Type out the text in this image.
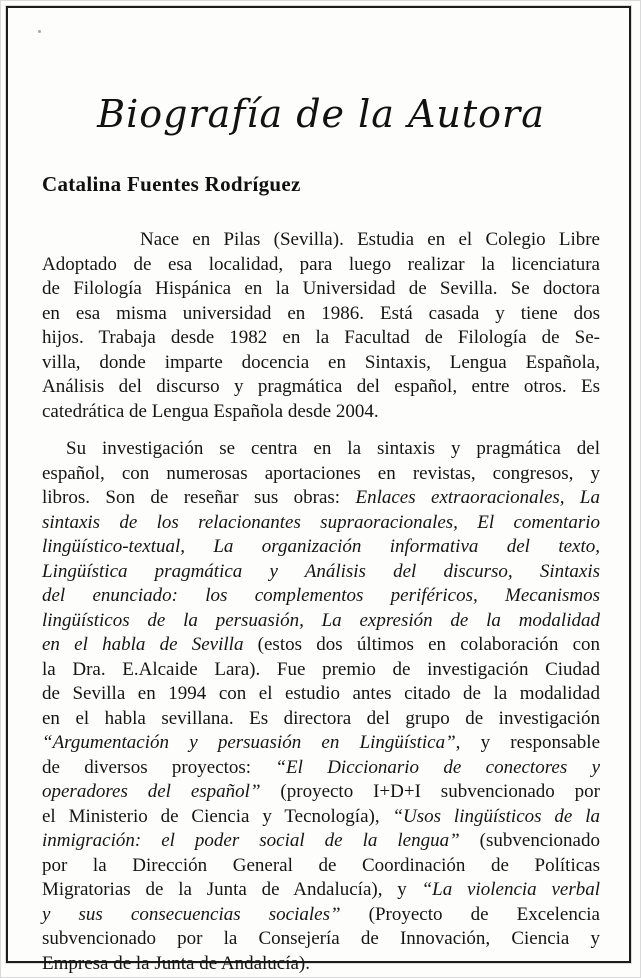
Biografía de la Autora
Catalina Fuentes Rodríguez
Nace en Pilas (Sevilla). Estudia en el Colegio Libre
Adoptado de esa localidad, para luego realizar la licenciatura
de Filología Hispánica en la Universidad de Sevilla. Se doctora
en esa misma universidad en 1986. Está casada y tiene dos
hijos. Trabaja desde 1982 en la Facultad de Filología de Se-
villa, donde imparte docencia en Sintaxis, Lengua Española,
Análisis del discurso y pragmática del español, entre otros. Es
catedrática de Lengua Española desde 2004.
Su investigación se centra en la sintaxis y pragmática del
español, con numerosas aportaciones en revistas, congresos, y
libros. Son de reseñar sus obras: Enlaces extraoracionales, La
sintaxis de los relacionantes supraoracionales, El comentario
lingüístico-textual, La organización informativa del texto,
Lingüística pragmática y Análisis del discurso, Sintaxis
del enunciado: los complementos periféricos, Mecanismos
lingüísticos de la persuasión, La expresión de la modalidad
en el habla de Sevilla (estos dos últimos en colaboración con
la Dra. E.Alcaide Lara). Fue premio de investigación Ciudad
de Sevilla en 1994 con el estudio antes citado de la modalidad
en el habla sevillana. Es directora del grupo de investigación
“Argumentación y persuasión en Lingüística”, y responsable
de diversos proyectos: “El Diccionario de conectores y
operadores del español” (proyecto I+D+I subvencionado por
el Ministerio de Ciencia y Tecnología), “Usos lingüísticos de la
inmigración: el poder social de la lengua” (subvencionado
por la Dirección General de Coordinación de Políticas
Migratorias de la Junta de Andalucía), y “La violencia verbal
y sus consecuencias sociales” (Proyecto de Excelencia
subvencionado por la Consejería de Innovación, Ciencia y
Empresa de la Junta de Andalucía).
